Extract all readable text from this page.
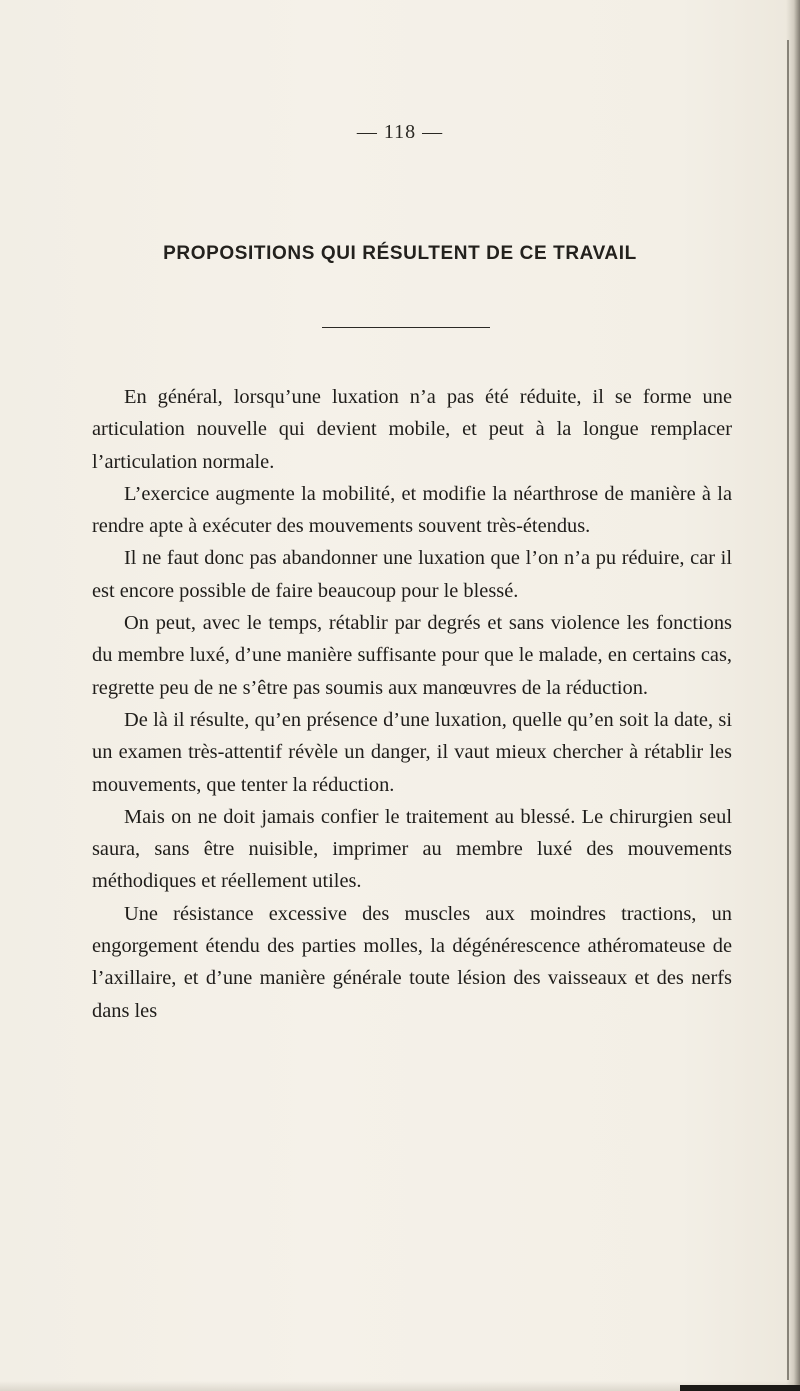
— 118 —
PROPOSITIONS QUI RÉSULTENT DE CE TRAVAIL

En général, lorsqu’une luxation n’a pas été réduite, il se forme une articulation nouvelle qui devient mobile, et peut à la longue remplacer l’articulation normale.

L’exercice augmente la mobilité, et modifie la néarthrose de manière à la rendre apte à exécuter des mouvements souvent très-étendus.

Il ne faut donc pas abandonner une luxation que l’on n’a pu réduire, car il est encore possible de faire beaucoup pour le blessé.

On peut, avec le temps, rétablir par degrés et sans violence les fonctions du membre luxé, d’une manière suffisante pour que le malade, en certains cas, regrette peu de ne s’être pas soumis aux manœuvres de la réduction.

De là il résulte, qu’en présence d’une luxation, quelle qu’en soit la date, si un examen très-attentif révèle un danger, il vaut mieux chercher à rétablir les mouvements, que tenter la réduction.

Mais on ne doit jamais confier le traitement au blessé. Le chirurgien seul saura, sans être nuisible, imprimer au membre luxé des mouvements méthodiques et réellement utiles.

Une résistance excessive des muscles aux moindres tractions, un engorgement étendu des parties molles, la dégénérescence athéromateuse de l’axillaire, et d’une manière générale toute lésion des vaisseaux et des nerfs dans les
